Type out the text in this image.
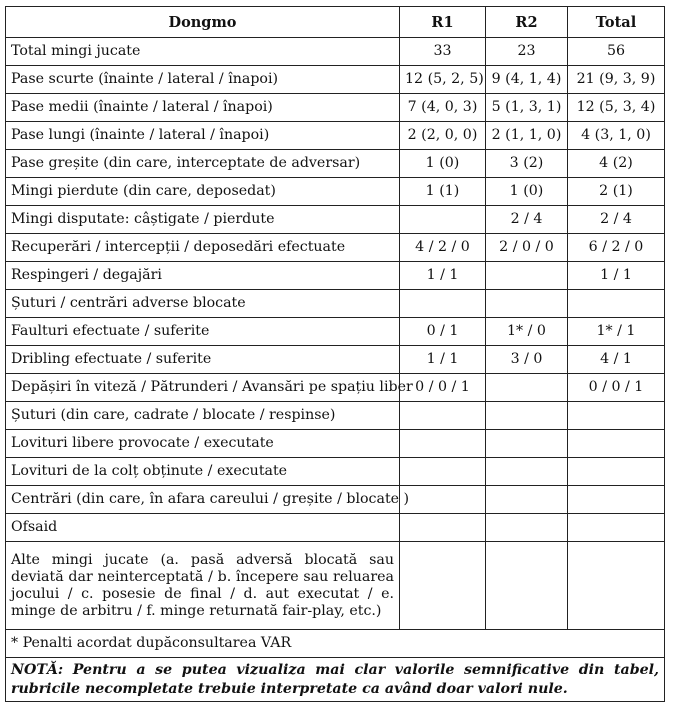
Dongmo	R1	R2	Total
Total mingi jucate	33	23	56
Pase scurte (înainte / lateral / înapoi)	12 (5, 2, 5)	9 (4, 1, 4)	21 (9, 3, 9)
Pase medii (înainte / lateral / înapoi)	7 (4, 0, 3)	5 (1, 3, 1)	12 (5, 3, 4)
Pase lungi (înainte / lateral / înapoi)	2 (2, 0, 0)	2 (1, 1, 0)	4 (3, 1, 0)
Pase greșite (din care, interceptate de adversar)	1 (0)	3 (2)	4 (2)
Mingi pierdute (din care, deposedat)	1 (1)	1 (0)	2 (1)
Mingi disputate: câștigate / pierdute		2 / 4	2 / 4
Recuperări / intercepții / deposedări efectuate	4 / 2 / 0	2 / 0 / 0	6 / 2 / 0
Respingeri / degajări	1 / 1		1 / 1
Șuturi / centrări adverse blocate			
Faulturi efectuate / suferite	0 / 1	1* / 0	1* / 1
Dribling efectuate / suferite	1 / 1	3 / 0	4 / 1
Depășiri în viteză / Pătrunderi / Avansări pe spațiu liber	0 / 0 / 1		0 / 0 / 1
Șuturi (din care, cadrate / blocate / respinse)			
Lovituri libere provocate / executate			
Lovituri de la colț obținute / executate			
Centrări (din care, în afara careului / greșite / blocate )			
Ofsaid			
Alte mingi jucate (a. pasă adversă blocată sau deviată dar neinterceptată / b. începere sau reluarea jocului / c. posesie de final / d. aut executat / e. minge de arbitru / f. minge returnată fair-play, etc.)			
* Penalti acordat dupăconsultarea VAR			
NOTĂ: Pentru a se putea vizualiza mai clar valorile semnificative din tabel, rubricile necompletate trebuie interpretate ca având doar valori nule.			
